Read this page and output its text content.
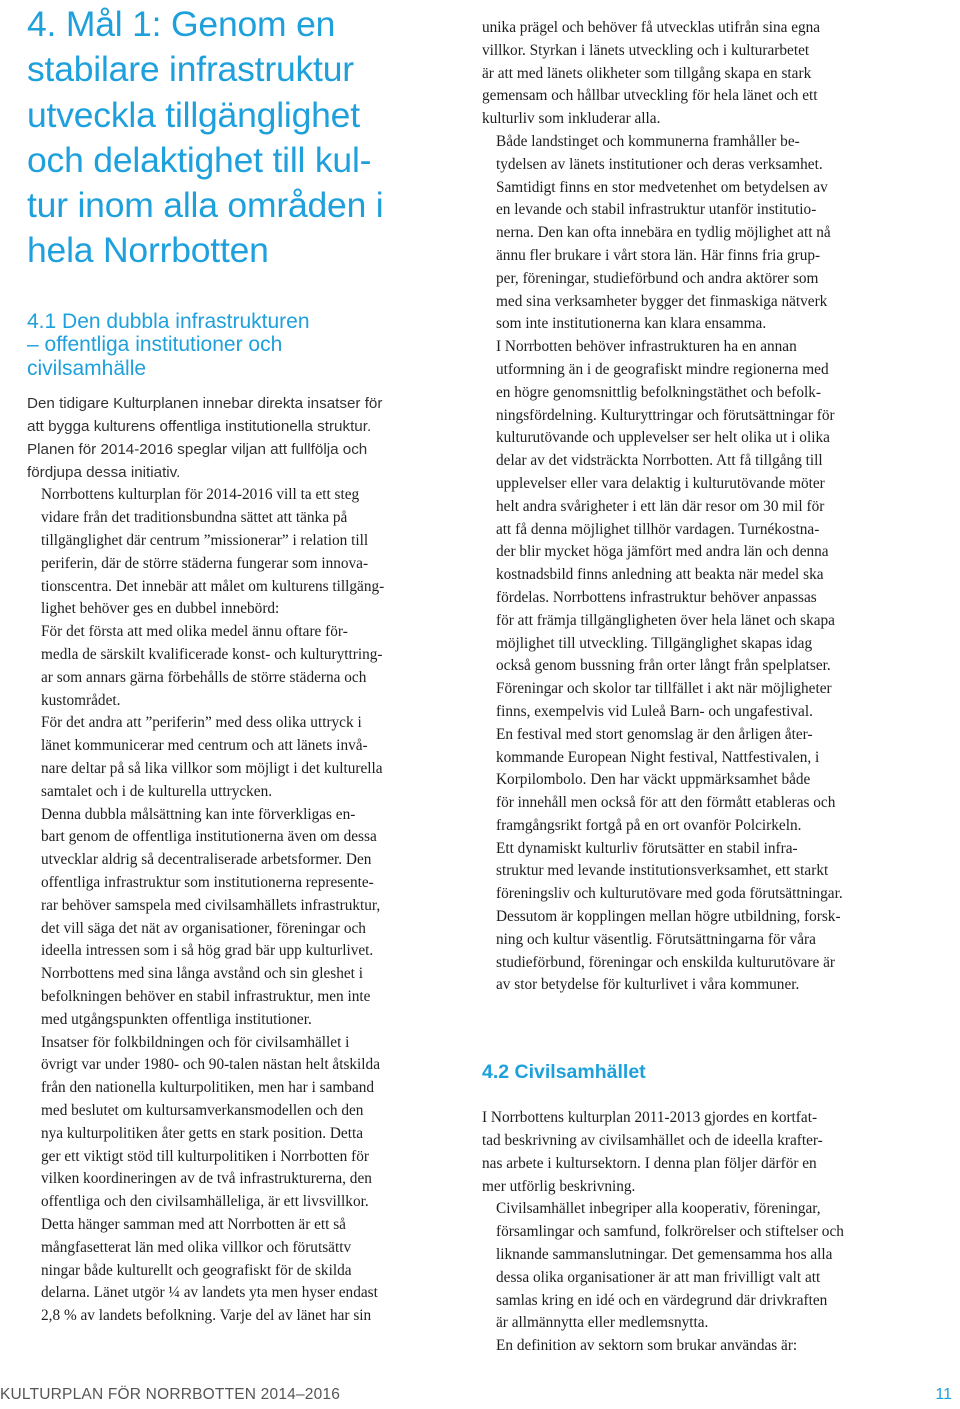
4. Mål 1: Genom en
stabilare infrastruktur
utveckla tillgänglighet
och delaktighet till kul-
tur inom alla områden i
hela Norrbotten
4.1 Den dubbla infrastrukturen
– offentliga institutioner och
civilsamhälle

Den tidigare Kulturplanen innebar direkta insatser för
att bygga kulturens offentliga institutionella struktur.
Planen för 2014-2016 speglar viljan att fullfölja och
fördjupa dessa initiativ.

Norrbottens kulturplan för 2014-2016 vill ta ett steg
vidare från det traditionsbundna sättet att tänka på
tillgänglighet där centrum ”missionerar” i relation till
periferin, där de större städerna fungerar som innova-
tionscentra. Det innebär att målet om kulturens tillgäng-
lighet behöver ges en dubbel innebörd:

För det första att med olika medel ännu oftare för-
medla de särskilt kvalificerade konst- och kulturyttring-
ar som annars gärna förbehålls de större städerna och
kustområdet.

För det andra att ”periferin” med dess olika uttryck i
länet kommunicerar med centrum och att länets invå-
nare deltar på så lika villkor som möjligt i det kulturella
samtalet och i de kulturella uttrycken.

Denna dubbla målsättning kan inte förverkligas en-
bart genom de offentliga institutionerna även om dessa
utvecklar aldrig så decentraliserade arbetsformer. Den
offentliga infrastruktur som institutionerna represente-
rar behöver samspela med civilsamhällets infrastruktur,
det vill säga det nät av organisationer, föreningar och
ideella intressen som i så hög grad bär upp kulturlivet.
Norrbottens med sina långa avstånd och sin gleshet i
befolkningen behöver en stabil infrastruktur, men inte
med utgångspunkten offentliga institutioner.

Insatser för folkbildningen och för civilsamhället i
övrigt var under 1980- och 90-talen nästan helt åtskilda
från den nationella kulturpolitiken, men har i samband
med beslutet om kultursamverkansmodellen och den
nya kulturpolitiken åter getts en stark position. Detta
ger ett viktigt stöd till kulturpolitiken i Norrbotten för
vilken koordineringen av de två infrastrukturerna, den
offentliga och den civilsamhälleliga, är ett livsvillkor.

Detta hänger samman med att Norrbotten är ett så
mångfasetterat län med olika villkor och förutsättv
ningar både kulturellt och geografiskt för de skilda
delarna. Länet utgör ¼ av landets yta men hyser endast
2,8 % av landets befolkning. Varje del av länet har sin

unika prägel och behöver få utvecklas utifrån sina egna
villkor. Styrkan i länets utveckling och i kulturarbetet
är att med länets olikheter som tillgång skapa en stark
gemensam och hållbar utveckling för hela länet och ett
kulturliv som inkluderar alla.

Både landstinget och kommunerna framhåller be-
tydelsen av länets institutioner och deras verksamhet.
Samtidigt finns en stor medvetenhet om betydelsen av
en levande och stabil infrastruktur utanför institutio-
nerna. Den kan ofta innebära en tydlig möjlighet att nå
ännu fler brukare i vårt stora län. Här finns fria grup-
per, föreningar, studieförbund och andra aktörer som
med sina verksamheter bygger det finmaskiga nätverk
som inte institutionerna kan klara ensamma.

I Norrbotten behöver infrastrukturen ha en annan
utformning än i de geografiskt mindre regionerna med
en högre genomsnittlig befolkningstäthet och befolk-
ningsfördelning. Kulturyttringar och förutsättningar för
kulturutövande och upplevelser ser helt olika ut i olika
delar av det vidsträckta Norrbotten. Att få tillgång till
upplevelser eller vara delaktig i kulturutövande möter
helt andra svårigheter i ett län där resor om 30 mil för
att få denna möjlighet tillhör vardagen. Turnékostna-
der blir mycket höga jämfört med andra län och denna
kostnadsbild finns anledning att beakta när medel ska
fördelas. Norrbottens infrastruktur behöver anpassas
för att främja tillgängligheten över hela länet och skapa
möjlighet till utveckling. Tillgänglighet skapas idag
också genom bussning från orter långt från spelplatser.
Föreningar och skolor tar tillfället i akt när möjligheter
finns, exempelvis vid Luleå Barn- och ungafestival.

En festival med stort genomslag är den årligen åter-
kommande European Night festival, Nattfestivalen, i
Korpilombolo. Den har väckt uppmärksamhet både
för innehåll men också för att den förmått etableras och
framgångsrikt fortgå på en ort ovanför Polcirkeln.

Ett dynamiskt kulturliv förutsätter en stabil infra-
struktur med levande institutionsverksamhet, ett starkt
föreningsliv och kulturutövare med goda förutsättningar.
Dessutom är kopplingen mellan högre utbildning, forsk-
ning och kultur väsentlig. Förutsättningarna för våra
studieförbund, föreningar och enskilda kulturutövare är
av stor betydelse för kulturlivet i våra kommuner.

4.2 Civilsamhället

I Norrbottens kulturplan 2011-2013 gjordes en kortfat-
tad beskrivning av civilsamhället och de ideella krafter-
nas arbete i kultursektorn. I denna plan följer därför en
mer utförlig beskrivning.

Civilsamhället inbegriper alla kooperativ, föreningar,
församlingar och samfund, folkrörelser och stiftelser och
liknande sammanslutningar. Det gemensamma hos alla
dessa olika organisationer är att man frivilligt valt att
samlas kring en idé och en värdegrund där drivkraften
är allmännytta eller medlemsnytta.

En definition av sektorn som brukar användas är:

KULTURPLAN FÖR NORRBOTTEN 2014–2016	11
